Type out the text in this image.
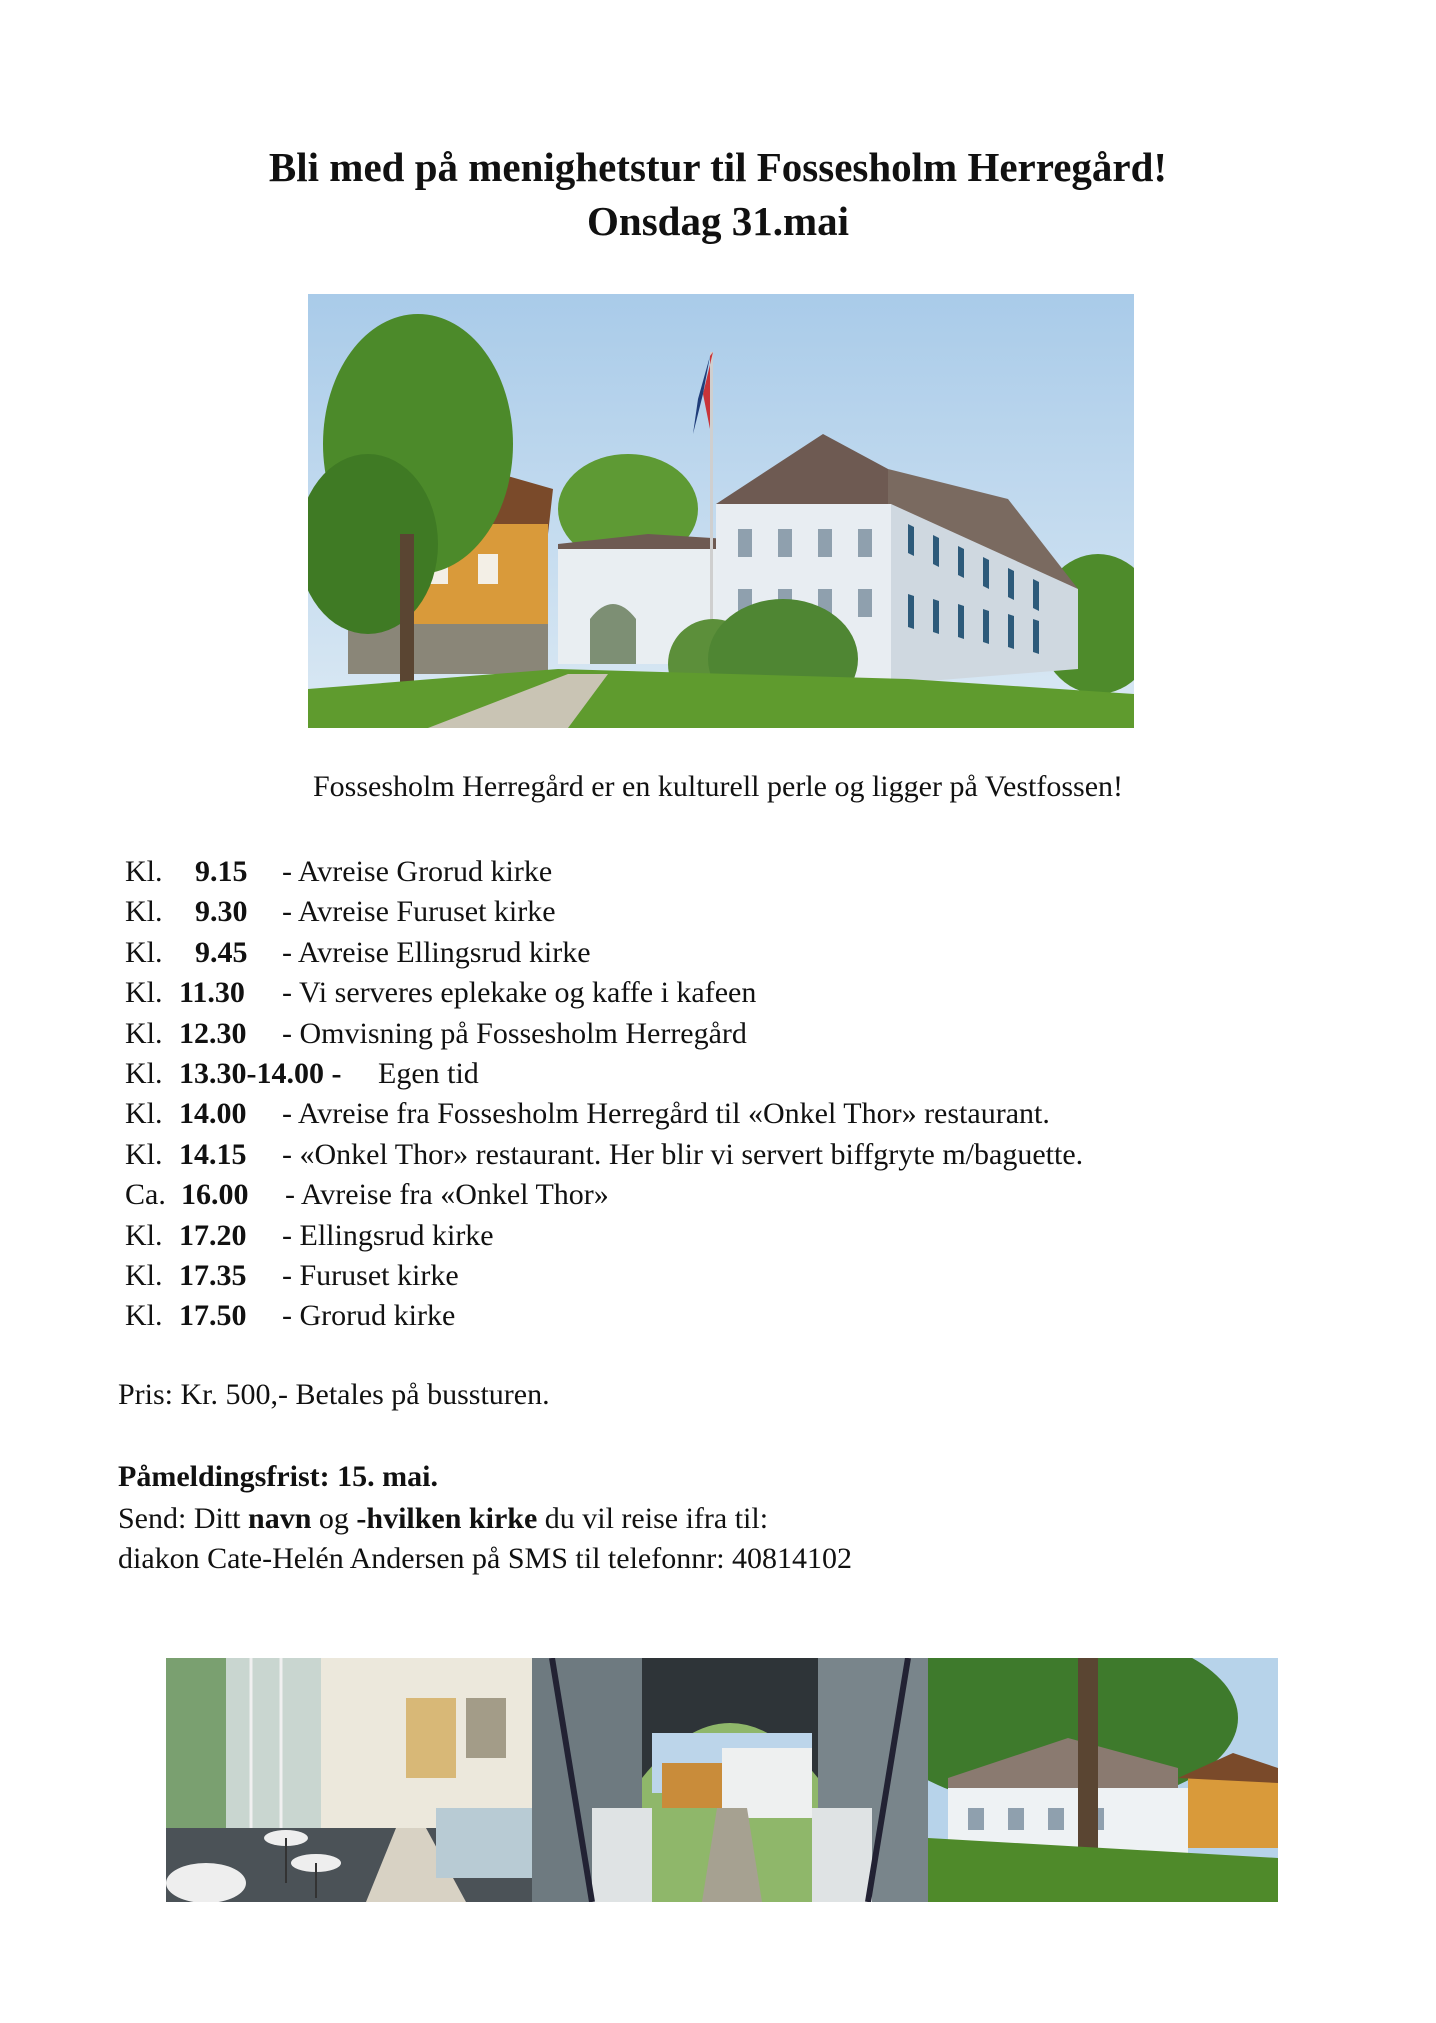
Bli med på menighetstur til Fossesholm Herregård!
Onsdag 31.mai
Fossesholm Herregård er en kulturell perle og ligger på Vestfossen!
Kl. 9.15 - Avreise Grorud kirke
Kl. 9.30 - Avreise Furuset kirke
Kl. 9.45 - Avreise Ellingsrud kirke
Kl. 11.30 - Vi serveres eplekake og kaffe i kafeen
Kl. 12.30 - Omvisning på Fossesholm Herregård
Kl. 13.30-14.00 - Egen tid
Kl. 14.00 - Avreise fra Fossesholm Herregård til «Onkel Thor» restaurant.
Kl. 14.15 - «Onkel Thor» restaurant. Her blir vi servert biffgryte m/baguette.
Ca. 16.00 - Avreise fra «Onkel Thor»
Kl. 17.20 - Ellingsrud kirke
Kl. 17.35 - Furuset kirke
Kl. 17.50 - Grorud kirke
Pris: Kr. 500,- Betales på bussturen.
Påmeldingsfrist: 15. mai.
Send: Ditt navn og -hvilken kirke du vil reise ifra til:
diakon Cate-Helén Andersen på SMS til telefonnr: 40814102
